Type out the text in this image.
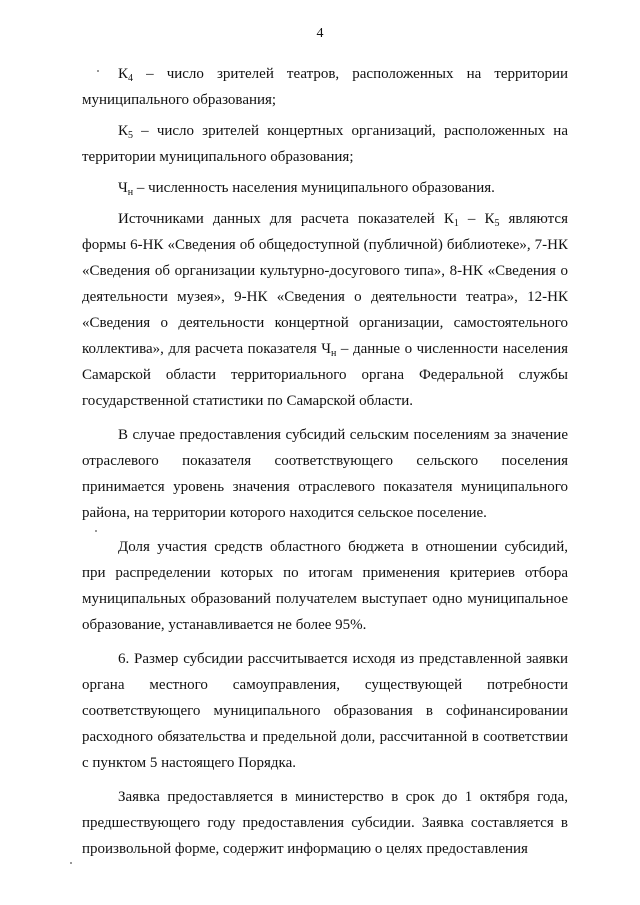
4

$К_4$ – число зрителей театров, расположенных на территории муниципального образования;

$К_5$ – число зрителей концертных организаций, расположенных на территории муниципального образования;

$Ч_н$ – численность населения муниципального образования.

Источниками данных для расчета показателей $К_1 - К_5$ являются формы 6-НК «Сведения об общедоступной (публичной) библиотеке», 7-НК «Сведения об организации культурно-досугового типа», 8-НК «Сведения о деятельности музея», 9-НК «Сведения о деятельности театра», 12-НК «Сведения о деятельности концертной организации, самостоятельного коллектива», для расчета показателя $Ч_н$ – данные о численности населения Самарской области территориального органа Федеральной службы государственной статистики по Самарской области.

В случае предоставления субсидий сельским поселениям за значение отраслевого показателя соответствующего сельского поселения принимается уровень значения отраслевого показателя муниципального района, на территории которого находится сельское поселение.

Доля участия средств областного бюджета в отношении субсидий, при распределении которых по итогам применения критериев отбора муниципальных образований получателем выступает одно муниципальное образование, устанавливается не более 95%.

6. Размер субсидии рассчитывается исходя из представленной заявки органа местного самоуправления, существующей потребности соответствующего муниципального образования в софинансировании расходного обязательства и предельной доли, рассчитанной в соответствии с пунктом 5 настоящего Порядка.

Заявка предоставляется в министерство в срок до 1 октября года, предшествующего году предоставления субсидии. Заявка составляется в произвольной форме, содержит информацию о целях предоставления
